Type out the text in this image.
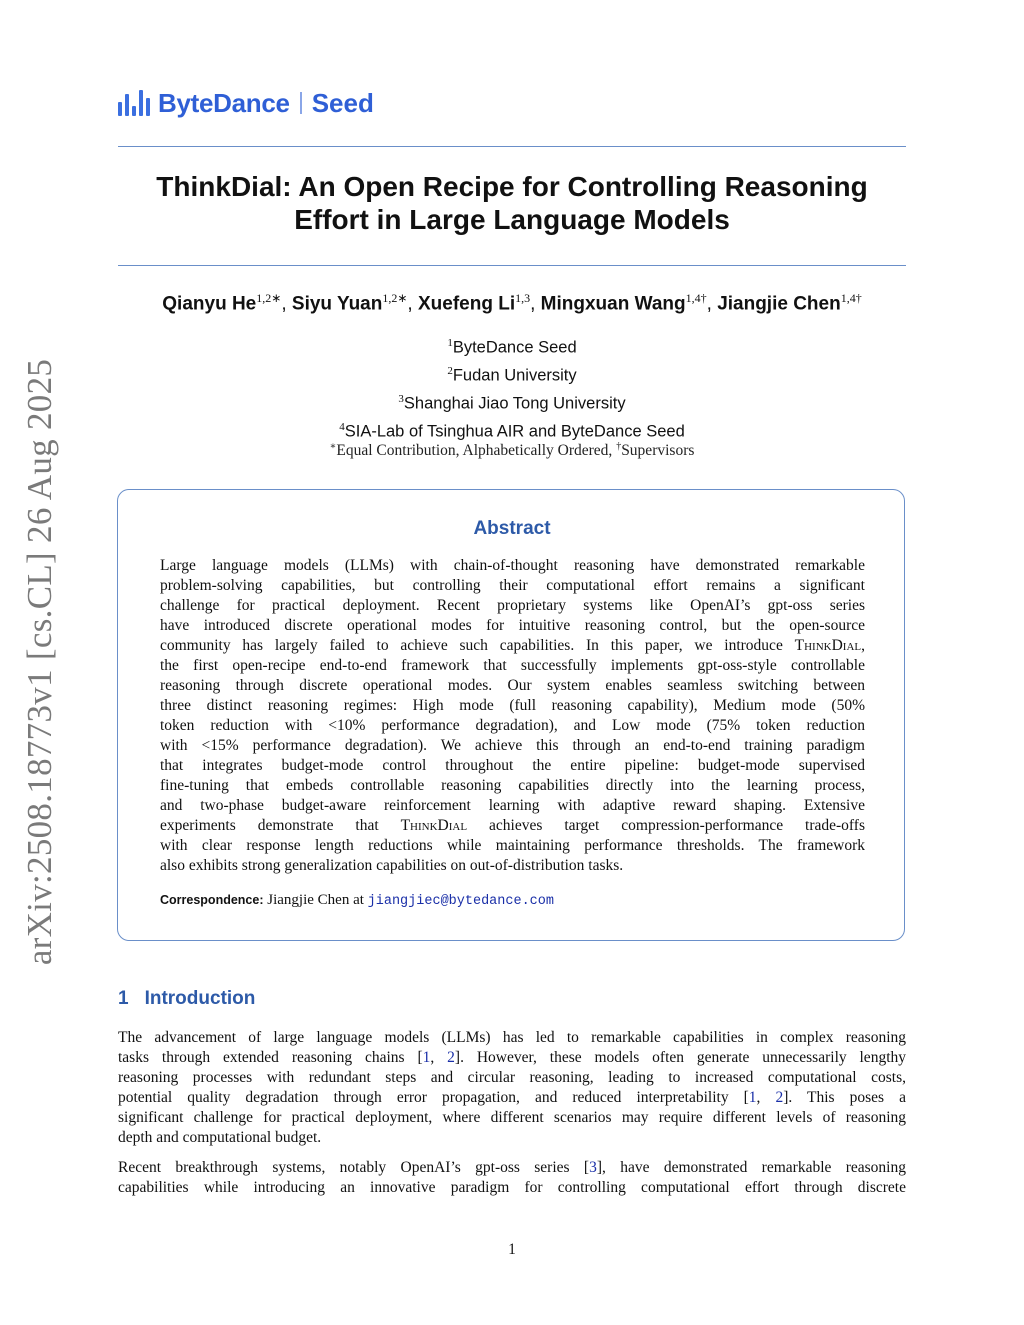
arXiv:2508.18773v1 [cs.CL] 26 Aug 2025
ByteDance Seed
ThinkDial: An Open Recipe for Controlling Reasoning
Effort in Large Language Models
Qianyu $He^{1,2∗}$, Siyu Yuan$^{1,2∗}$, Xuefeng Li$^{1,3}$, Mingxuan Wang$^{1,4\dagger}$, Jiangjie Chen$^{1,4\dagger}$
$^1$ByteDance Seed
$^2$Fudan University
$^3$Shanghai Jiao Tong University
$^4$SIA-Lab of Tsinghua AIR and ByteDance Seed
∗Equal Contribution, Alphabetically Ordered, †Supervisors
Abstract
Large language models (LLMs) with chain-of-thought reasoning have demonstrated remarkable
problem-solving capabilities, but controlling their computational effort remains a significant
challenge for practical deployment. Recent proprietary systems like OpenAI’s gpt-oss series
have introduced discrete operational modes for intuitive reasoning control, but the open-source
community has largely failed to achieve such capabilities. In this paper, we introduce ThinkDial,
the first open-recipe end-to-end framework that successfully implements gpt-oss-style controllable
reasoning through discrete operational modes. Our system enables seamless switching between
three distinct reasoning regimes: High mode (full reasoning capability), Medium mode (50%
token reduction with <10% performance degradation), and Low mode (75% token reduction
with <15% performance degradation). We achieve this through an end-to-end training paradigm
that integrates budget-mode control throughout the entire pipeline: budget-mode supervised
fine-tuning that embeds controllable reasoning capabilities directly into the learning process,
and two-phase budget-aware reinforcement learning with adaptive reward shaping. Extensive
experiments demonstrate that ThinkDial achieves target compression-performance trade-offs
with clear response length reductions while maintaining performance thresholds. The framework
also exhibits strong generalization capabilities on out-of-distribution tasks.
Correspondence: Jiangjie Chen at jiangjiec@bytedance.com
1 Introduction
The advancement of large language models (LLMs) has led to remarkable capabilities in complex reasoning
tasks through extended reasoning chains [1, 2]. However, these models often generate unnecessarily lengthy
reasoning processes with redundant steps and circular reasoning, leading to increased computational costs,
potential quality degradation through error propagation, and reduced interpretability [1, 2]. This poses a
significant challenge for practical deployment, where different scenarios may require different levels of reasoning
depth and computational budget.
Recent breakthrough systems, notably OpenAI’s gpt-oss series [3], have demonstrated remarkable reasoning
capabilities while introducing an innovative paradigm for controlling computational effort through discrete
1
